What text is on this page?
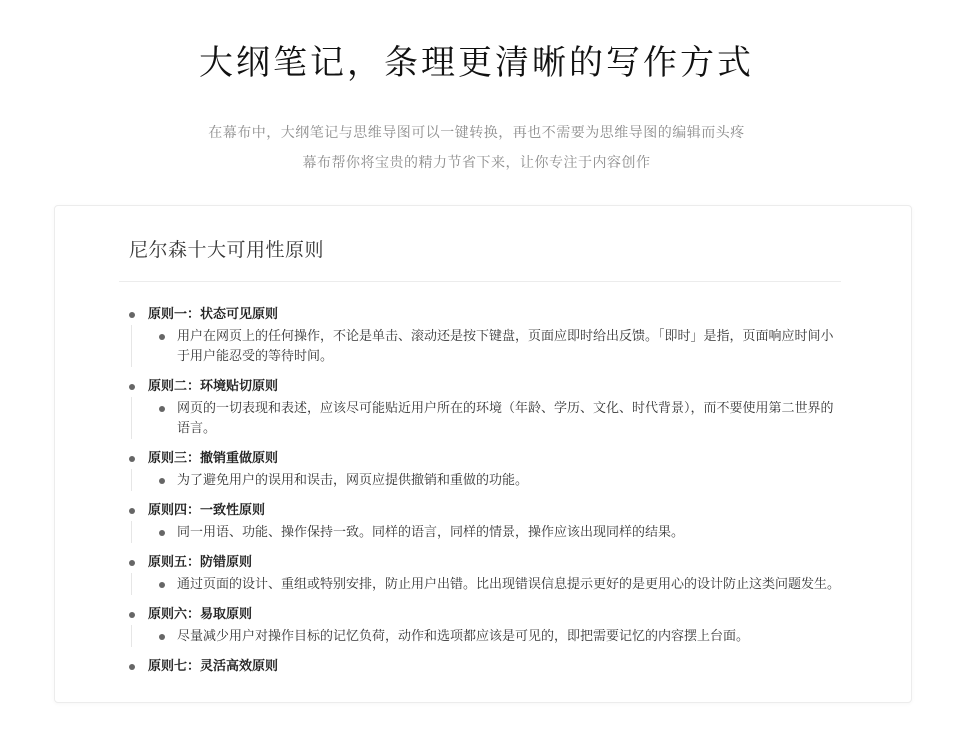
大纲笔记，条理更清晰的写作方式
在幕布中，大纲笔记与思维导图可以一键转换，再也不需要为思维导图的编辑而头疼
幕布帮你将宝贵的精力节省下来，让你专注于内容创作
尼尔森十大可用性原则
原则一：状态可见原则
用户在网页上的任何操作，不论是单击、滚动还是按下键盘，页面应即时给出反馈。「即时」是指，页面响应时间小于用户能忍受的等待时间。
原则二：环境贴切原则
网页的一切表现和表述，应该尽可能贴近用户所在的环境（年龄、学历、文化、时代背景），而不要使用第二世界的语言。
原则三：撤销重做原则
为了避免用户的误用和误击，网页应提供撤销和重做的功能。
原则四：一致性原则
同一用语、功能、操作保持一致。同样的语言，同样的情景，操作应该出现同样的结果。
原则五：防错原则
通过页面的设计、重组或特别安排，防止用户出错。比出现错误信息提示更好的是更用心的设计防止这类问题发生。
原则六：易取原则
尽量减少用户对操作目标的记忆负荷，动作和选项都应该是可见的，即把需要记忆的内容摆上台面。
原则七：灵活高效原则
